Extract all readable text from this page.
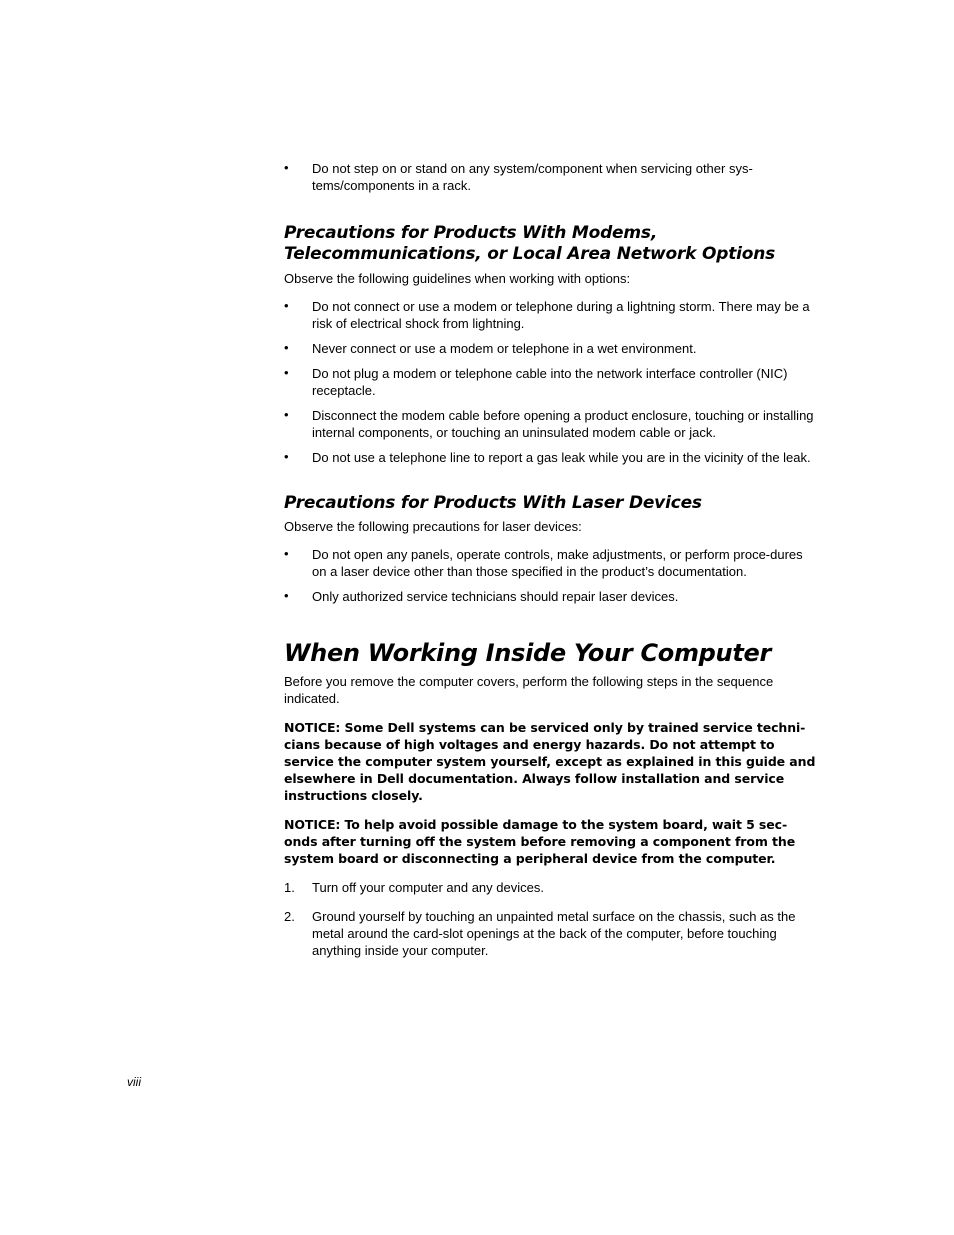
• Do not step on or stand on any system/component when servicing other sys-tems/components in a rack.
Precautions for Products With Modems,
Telecommunications, or Local Area Network Options

Observe the following guidelines when working with options:

• Do not connect or use a modem or telephone during a lightning storm. There may be a risk of electrical shock from lightning.
• Never connect or use a modem or telephone in a wet environment.
• Do not plug a modem or telephone cable into the network interface controller (NIC) receptacle.
• Disconnect the modem cable before opening a product enclosure, touching or installing internal components, or touching an uninsulated modem cable or jack.
• Do not use a telephone line to report a gas leak while you are in the vicinity of the leak.
Precautions for Products With Laser Devices

Observe the following precautions for laser devices:

• Do not open any panels, operate controls, make adjustments, or perform proce-dures on a laser device other than those specified in the product’s documentation.
• Only authorized service technicians should repair laser devices.
When Working Inside Your Computer

Before you remove the computer covers, perform the following steps in the sequence indicated.

NOTICE: Some Dell systems can be serviced only by trained service techni-cians because of high voltages and energy hazards. Do not attempt to service the computer system yourself, except as explained in this guide and elsewhere in Dell documentation. Always follow installation and service instructions closely.

NOTICE: To help avoid possible damage to the system board, wait 5 sec-onds after turning off the system before removing a component from the system board or disconnecting a peripheral device from the computer.

1. Turn off your computer and any devices.
2. Ground yourself by touching an unpainted metal surface on the chassis, such as the metal around the card-slot openings at the back of the computer, before touching anything inside your computer.
viii
